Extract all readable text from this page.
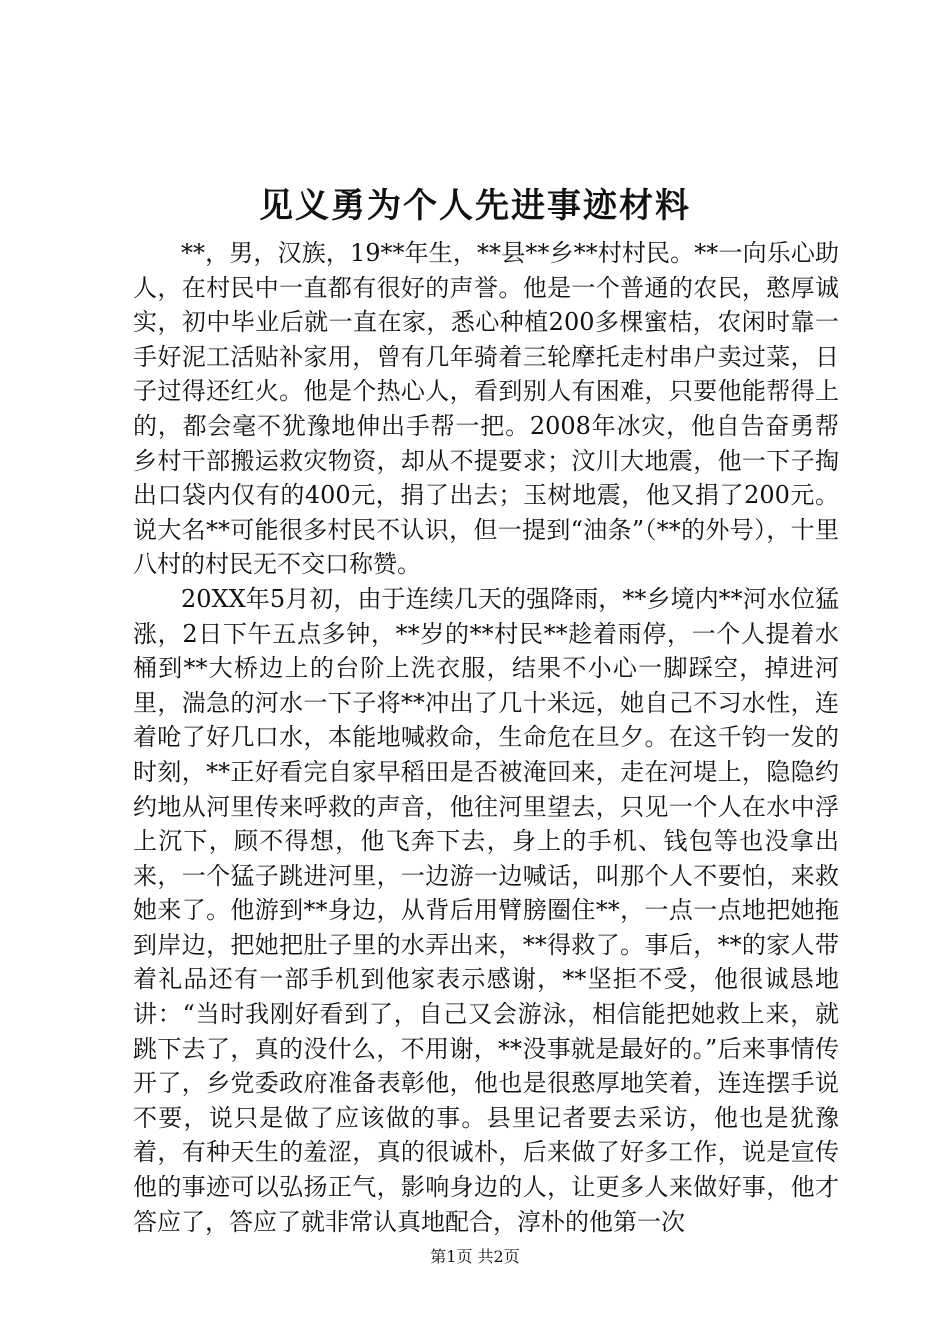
见义勇为个人先进事迹材料

**，男，汉族，19**年生，**县**乡**村村民。**一向乐心助人，在村民中一直都有很好的声誉。他是一个普通的农民，憨厚诚实，初中毕业后就一直在家，悉心种植200多棵蜜桔，农闲时靠一手好泥工活贴补家用，曾有几年骑着三轮摩托走村串户卖过菜，日子过得还红火。他是个热心人，看到别人有困难，只要他能帮得上的，都会毫不犹豫地伸出手帮一把。2008年冰灾，他自告奋勇帮乡村干部搬运救灾物资，却从不提要求；汶川大地震，他一下子掏出口袋内仅有的400元，捐了出去；玉树地震，他又捐了200元。说大名**可能很多村民不认识，但一提到“油条”（**的外号），十里八村的村民无不交口称赞。

20XX年5月初，由于连续几天的强降雨，**乡境内**河水位猛涨，2日下午五点多钟，**岁的**村民**趁着雨停，一个人提着水桶到**大桥边上的台阶上洗衣服，结果不小心一脚踩空，掉进河里，湍急的河水一下子将**冲出了几十米远，她自己不习水性，连着呛了好几口水，本能地喊救命，生命危在旦夕。在这千钧一发的时刻，**正好看完自家早稻田是否被淹回来，走在河堤上，隐隐约约地从河里传来呼救的声音，他往河里望去，只见一个人在水中浮上沉下，顾不得想，他飞奔下去，身上的手机、钱包等也没拿出来，一个猛子跳进河里，一边游一边喊话，叫那个人不要怕，来救她来了。他游到**身边，从背后用臂膀圈住**，一点一点地把她拖到岸边，把她把肚子里的水弄出来，**得救了。事后，**的家人带着礼品还有一部手机到他家表示感谢，**坚拒不受，他很诚恳地讲：“当时我刚好看到了，自己又会游泳，相信能把她救上来，就跳下去了，真的没什么，不用谢，**没事就是最好的。”后来事情传开了，乡党委政府准备表彰他，他也是很憨厚地笑着，连连摆手说不要，说只是做了应该做的事。县里记者要去采访，他也是犹豫着，有种天生的羞涩，真的很诚朴，后来做了好多工作，说是宣传他的事迹可以弘扬正气，影响身边的人，让更多人来做好事，他才答应了，答应了就非常认真地配合，淳朴的他第一次

第1页 共2页
